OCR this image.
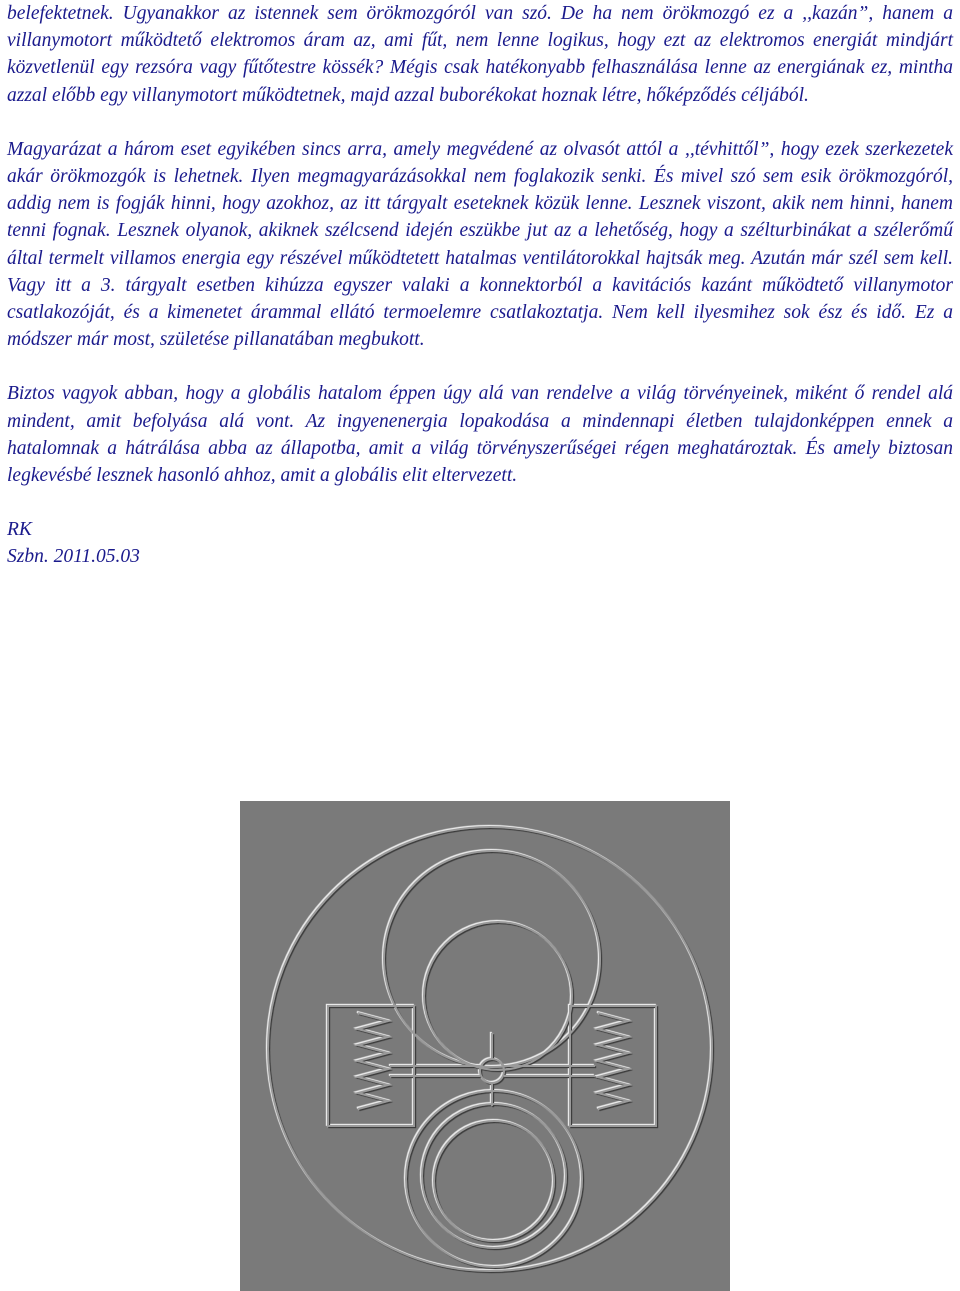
belefektetnek. Ugyanakkor az istennek sem örökmozgóról van szó. De ha nem örökmozgó ez a ,,kazán”, hanem a villanymotort működtető elektromos áram az, ami fűt, nem lenne logikus, hogy ezt az elektromos energiát mindjárt közvetlenül egy rezsóra vagy fűtőtestre kössék? Mégis csak hatékonyabb felhasználása lenne az energiának ez, mintha azzal előbb egy villanymotort működtetnek, majd azzal buborékokat hoznak létre, hőképződés céljából.

Magyarázat a három eset egyikében sincs arra, amely megvédené az olvasót attól a ,,tévhittől”, hogy ezek szerkezetek akár örökmozgók is lehetnek. Ilyen megmagyarázásokkal nem foglakozik senki. És mivel szó sem esik örökmozgóról, addig nem is fogják hinni, hogy azokhoz, az itt tárgyalt eseteknek közük lenne. Lesznek viszont, akik nem hinni, hanem tenni fognak. Lesznek olyanok, akiknek szélcsend idején eszükbe jut az a lehetőség, hogy a szélturbinákat a szélerőmű által termelt villamos energia egy részével működtetett hatalmas ventilátorokkal hajtsák meg. Azután már szél sem kell. Vagy itt a 3. tárgyalt esetben kihúzza egyszer valaki a konnektorból a kavitációs kazánt működtető villanymotor csatlakozóját, és a kimenetet árammal ellátó termoelemre csatlakoztatja. Nem kell ilyesmihez sok ész és idő. Ez a módszer már most, születése pillanatában megbukott.

Biztos vagyok abban, hogy a globális hatalom éppen úgy alá van rendelve a világ törvényeinek, miként ő rendel alá mindent, amit befolyása alá vont. Az ingyenenergia lopakodása a mindennapi életben tulajdonképpen ennek a hatalomnak a hátrálása abba az állapotba, amit a világ törvényszerűségei régen meghatároztak. És amely biztosan legkevésbé lesznek hasonló ahhoz, amit a globális elit eltervezett.

RK

Szbn. 2011.05.03
